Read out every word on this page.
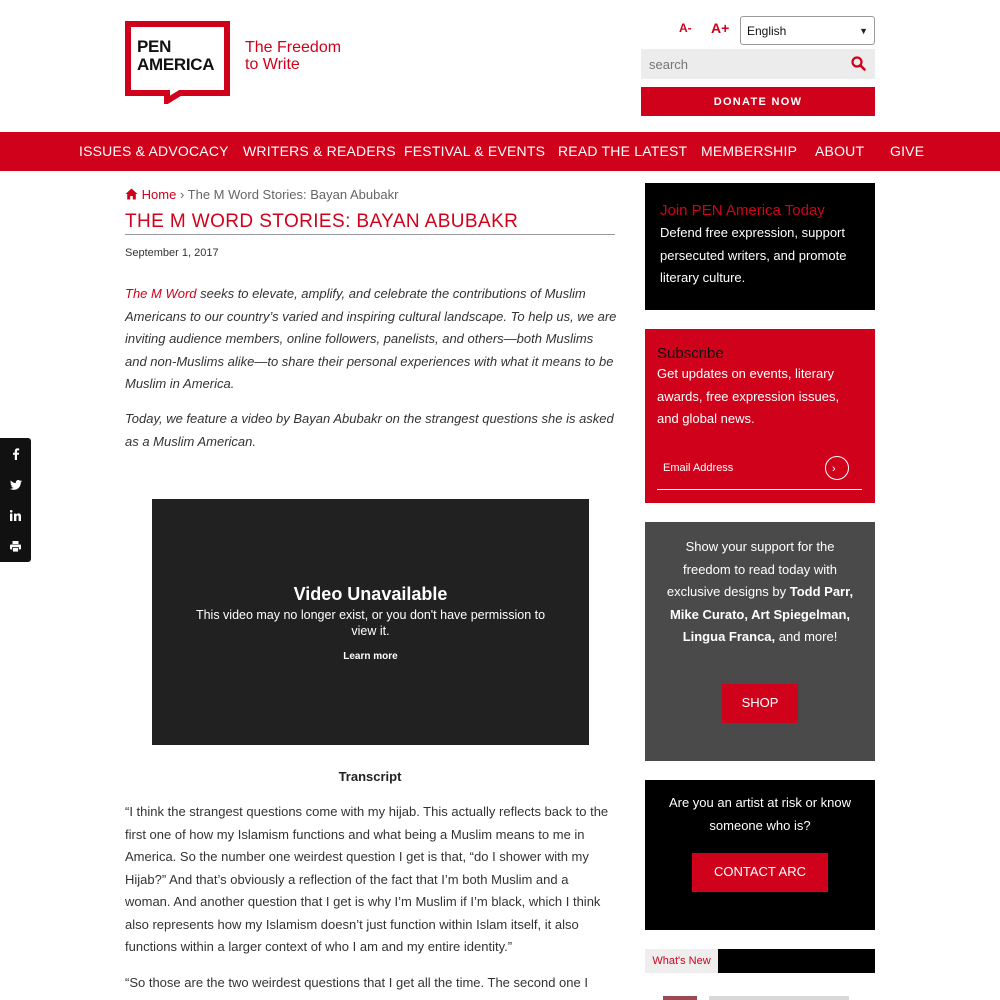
PEN
AMERICA
The Freedom
to Write
A- A+ English	▼
search
DONATE NOW
ISSUES & ADVOCACY WRITERS & READERS FESTIVAL & EVENTS READ THE LATEST MEMBERSHIP ABOUT GIVE
Home › The M Word Stories: Bayan Abubakr
THE M WORD STORIES: BAYAN ABUBAKR
September 1, 2017
The M Word seeks to elevate, amplify, and celebrate the contributions of Muslim Americans to our country’s varied and inspiring cultural landscape. To help us, we are inviting audience members, online followers, panelists, and others—both Muslims and non-Muslims alike—to share their personal experiences with what it means to be Muslim in America.
Today, we feature a video by Bayan Abubakr on the strangest questions she is asked as a Muslim American.
Video Unavailable
This video may no longer exist, or you don't have permission to view it.
Learn more
Transcript
“I think the strangest questions come with my hijab. This actually reflects back to the first one of how my Islamism functions and what being a Muslim means to me in America. So the number one weirdest question I get is that, “do I shower with my Hijab?” And that’s obviously a reflection of the fact that I’m both Muslim and a woman. And another question that I get is why I’m Muslim if I’m black, which I think also represents how my Islamism doesn’t just function within Islam itself, it also functions within a larger context of who I am and my entire identity.”
“So those are the two weirdest questions that I get all the time. The second one I
Join PEN America Today
Defend free expression, support persecuted writers, and promote literary culture.
Subscribe
Get updates on events, literary awards, free expression issues, and global news.
Email Address	›
Show your support for the freedom to read today with exclusive designs by Todd Parr, Mike Curato, Art Spiegelman, Lingua Franca, and more!
SHOP
Are you an artist at risk or know someone who is?
CONTACT ARC
What's New
